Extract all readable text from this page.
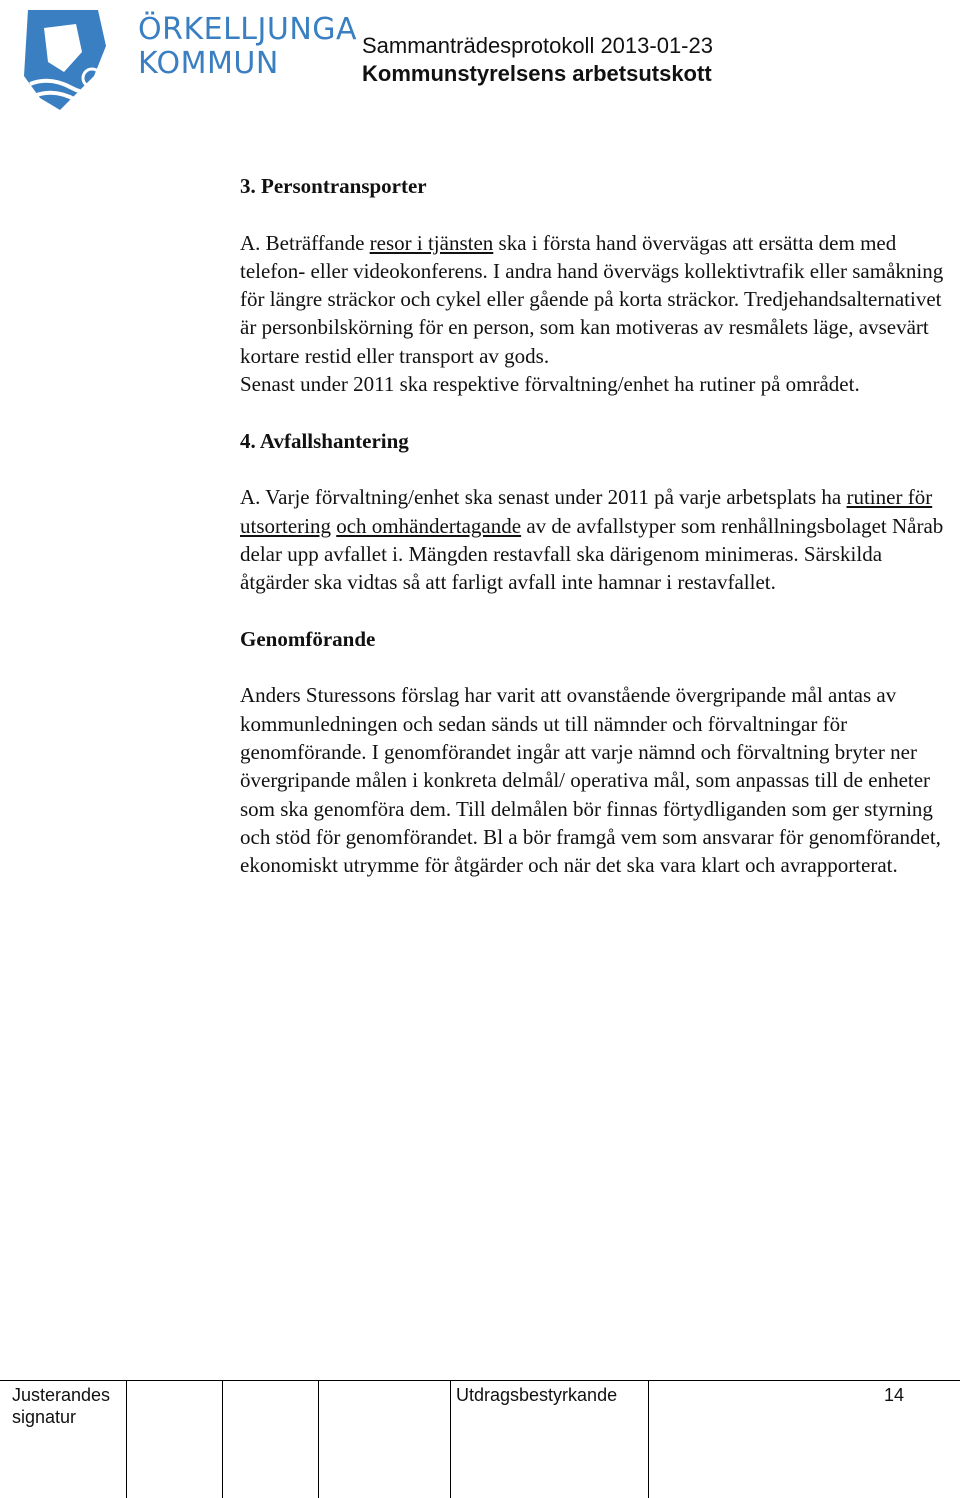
ÖRKELLJUNGA
KOMMUN
Sammanträdesprotokoll 2013-01-23
Kommunstyrelsens arbetsutskott

3. Persontransporter

A. Beträffande resor i tjänsten ska i första hand övervägas att ersätta dem med telefon- eller videokonferens. I andra hand övervägs kollektivtrafik eller samåkning för längre sträckor och cykel eller gående på korta sträckor. Tredjehandsalternativet är personbilskörning för en person, som kan motiveras av resmålets läge, avsevärt kortare restid eller transport av gods.

Senast under 2011 ska respektive förvaltning/enhet ha rutiner på området.

4. Avfallshantering

A. Varje förvaltning/enhet ska senast under 2011 på varje arbetsplats ha rutiner för utsortering och omhändertagande av de avfallstyper som renhållningsbolaget Nårab delar upp avfallet i. Mängden restavfall ska därigenom minimeras. Särskilda åtgärder ska vidtas så att farligt avfall inte hamnar i restavfallet.

Genomförande

Anders Sturessons förslag har varit att ovanstående övergripande mål antas av kommunledningen och sedan sänds ut till nämnder och förvaltningar för genomförande. I genomförandet ingår att varje nämnd och förvaltning bryter ner övergripande målen i konkreta delmål/ operativa mål, som anpassas till de enheter som ska genomföra dem. Till delmålen bör finnas förtydliganden som ger styrning och stöd för genomförandet. Bl a bör framgå vem som ansvarar för genomförandet, ekonomiskt utrymme för åtgärder och när det ska vara klart och avrapporterat.

Justerandes
signatur
Utdragsbestyrkande	14
